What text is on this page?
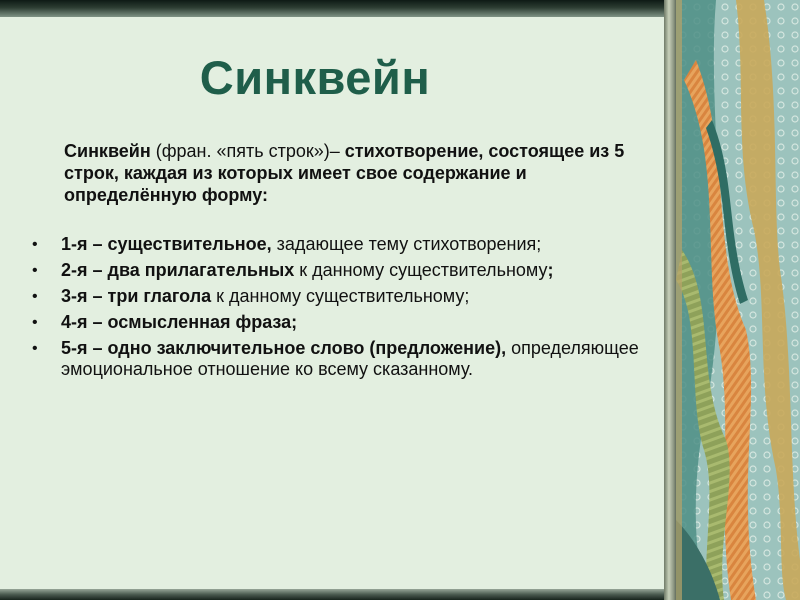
Синквейн
Синквейн (фран. «пять строк»)– стихотворение, состоящее из 5 строк, каждая из которых имеет свое содержание и определённую форму:
• 1-я – существительное, задающее тему стихотворения;
• 2-я – два прилагательных к данному существительному;
• 3-я – три глагола к данному существительному;
• 4-я – осмысленная фраза;
• 5-я – одно заключительное слово (предложение), определяющее эмоциональное отношение ко всему сказанному.
